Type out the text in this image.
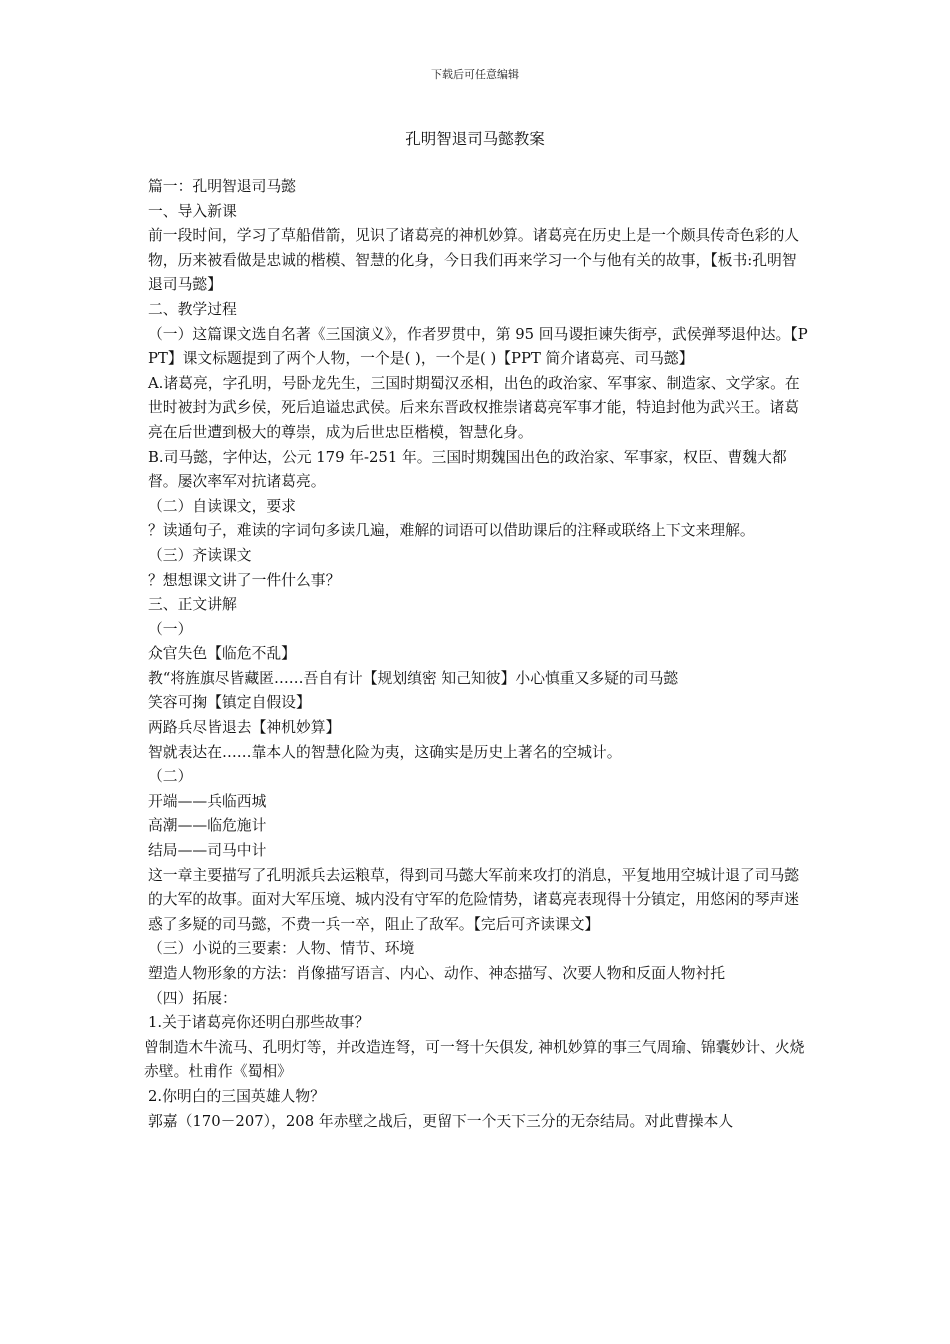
下载后可任意编辑
孔明智退司马懿教案

篇一：孔明智退司马懿

一、导入新课

前一段时间，学习了草船借箭，见识了诸葛亮的神机妙算。诸葛亮在历史上是一个颇具传奇色彩的人物，历来被看做是忠诚的楷模、智慧的化身，今日我们再来学习一个与他有关的故事，【板书:孔明智退司马懿】

二、教学过程

（一）这篇课文选自名著《三国演义》，作者罗贯中，第 95 回马谡拒谏失街亭，武侯弹琴退仲达。【PPT】课文标题提到了两个人物，一个是( )，一个是( )【PPT 简介诸葛亮、司马懿】

A.诸葛亮，字孔明，号卧龙先生，三国时期蜀汉丞相，出色的政治家、军事家、制造家、文学家。在世时被封为武乡侯，死后追谥忠武侯。后来东晋政权推崇诸葛亮军事才能，特追封他为武兴王。诸葛亮在后世遭到极大的尊崇，成为后世忠臣楷模，智慧化身。

B.司马懿，字仲达，公元 179 年-251 年。三国时期魏国出色的政治家、军事家，权臣、曹魏大都督。屡次率军对抗诸葛亮。

（二）自读课文，要求

？读通句子，难读的字词句多读几遍，难解的词语可以借助课后的注释或联络上下文来理解。

（三）齐读课文

？想想课文讲了一件什么事？

三、正文讲解

（一）

众官失色【临危不乱】

教“将旌旗尽皆藏匿……吾自有计【规划缜密 知己知彼】小心慎重又多疑的司马懿

笑容可掬【镇定自假设】

两路兵尽皆退去【神机妙算】

智就表达在……靠本人的智慧化险为夷，这确实是历史上著名的空城计。

（二）

开端——兵临西城

高潮——临危施计

结局——司马中计

这一章主要描写了孔明派兵去运粮草，得到司马懿大军前来攻打的消息，平复地用空城计退了司马懿的大军的故事。面对大军压境、城内没有守军的危险情势，诸葛亮表现得十分镇定，用悠闲的琴声迷惑了多疑的司马懿，不费一兵一卒，阻止了敌军。【完后可齐读课文】

（三）小说的三要素：人物、情节、环境

塑造人物形象的方法：肖像描写语言、内心、动作、神态描写、次要人物和反面人物衬托

（四）拓展：

1.关于诸葛亮你还明白那些故事？

曾制造木牛流马、孔明灯等，并改造连弩，可一弩十矢俱发, 神机妙算的事三气周瑜、锦囊妙计、火烧赤壁。杜甫作《蜀相》

2.你明白的三国英雄人物？

郭嘉（170－207），208 年赤壁之战后，更留下一个天下三分的无奈结局。对此曹操本人
